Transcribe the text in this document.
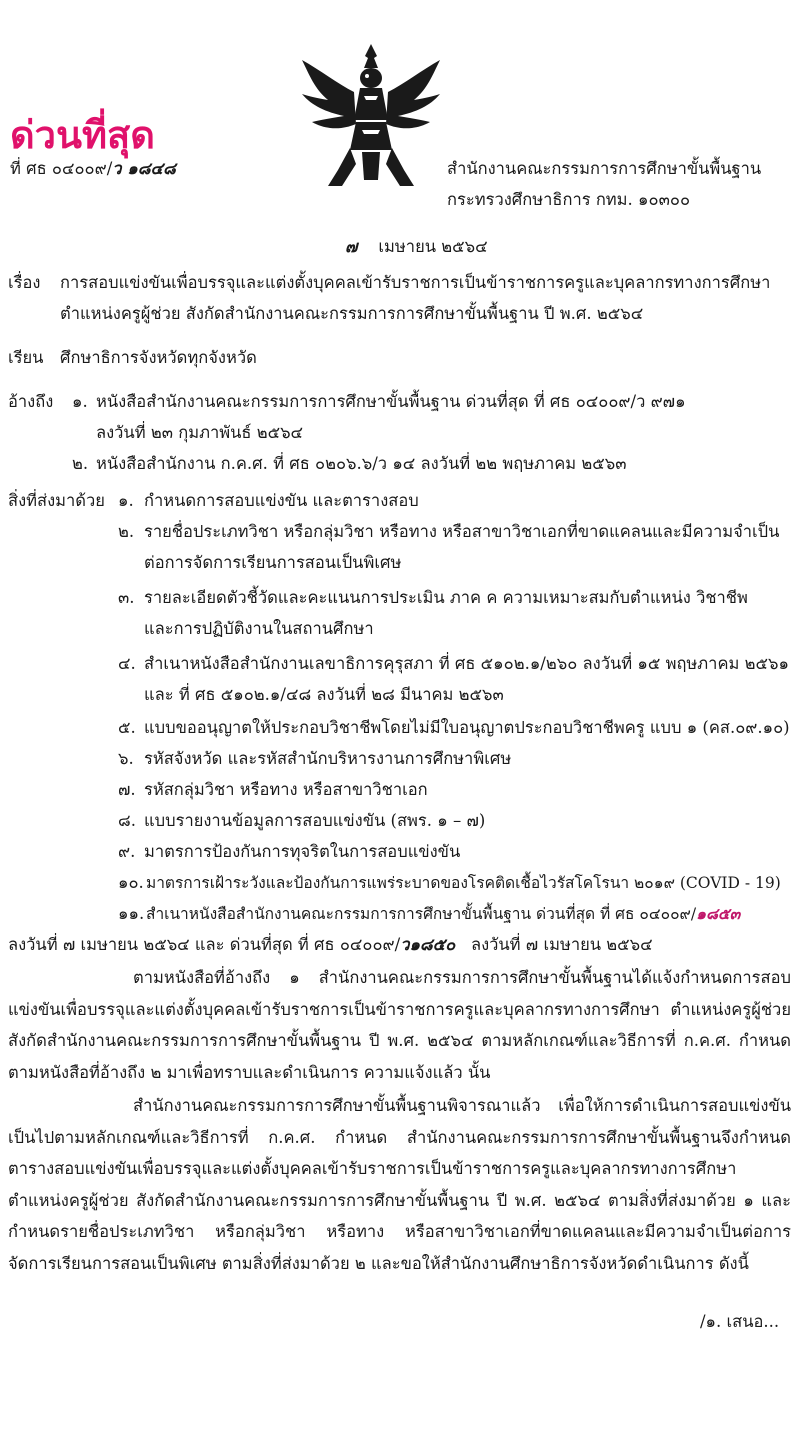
ด่วนที่สุด
ที่ ศธ ๐๔๐๐๙/ว ๑๘๔๘	สำนักงานคณะกรรมการการศึกษาขั้นพื้นฐาน
กระทรวงศึกษาธิการ กทม. ๑๐๓๐๐
๗ เมษายน ๒๕๖๔
เรื่อง การสอบแข่งขันเพื่อบรรจุและแต่งตั้งบุคคลเข้ารับราชการเป็นข้าราชการครูและบุคลากรทางการศึกษา
ตำแหน่งครูผู้ช่วย สังกัดสำนักงานคณะกรรมการการศึกษาขั้นพื้นฐาน ปี พ.ศ. ๒๕๖๔
เรียน ศึกษาธิการจังหวัดทุกจังหวัด
อ้างถึง ๑. หนังสือสำนักงานคณะกรรมการการศึกษาขั้นพื้นฐาน ด่วนที่สุด ที่ ศธ ๐๔๐๐๙/ว ๙๗๑
ลงวันที่ ๒๓ กุมภาพันธ์ ๒๕๖๔
๒. หนังสือสำนักงาน ก.ค.ศ. ที่ ศธ ๐๒๐๖.๖/ว ๑๔ ลงวันที่ ๒๒ พฤษภาคม ๒๕๖๓
สิ่งที่ส่งมาด้วย ๑. กำหนดการสอบแข่งขัน และตารางสอบ
๒. รายชื่อประเภทวิชา หรือกลุ่มวิชา หรือทาง หรือสาขาวิชาเอกที่ขาดแคลนและมีความจำเป็น
ต่อการจัดการเรียนการสอนเป็นพิเศษ
๓. รายละเอียดตัวชี้วัดและคะแนนการประเมิน ภาค ค ความเหมาะสมกับตำแหน่ง วิชาชีพ
และการปฏิบัติงานในสถานศึกษา
๔. สำเนาหนังสือสำนักงานเลขาธิการคุรุสภา ที่ ศธ ๕๑๐๒.๑/๒๖๐ ลงวันที่ ๑๕ พฤษภาคม ๒๕๖๑
และ ที่ ศธ ๕๑๐๒.๑/๔๘ ลงวันที่ ๒๘ มีนาคม ๒๕๖๓
๕. แบบขออนุญาตให้ประกอบวิชาชีพโดยไม่มีใบอนุญาตประกอบวิชาชีพครู แบบ ๑ (คส.๐๙.๑๐)
๖. รหัสจังหวัด และรหัสสำนักบริหารงานการศึกษาพิเศษ
๗. รหัสกลุ่มวิชา หรือทาง หรือสาขาวิชาเอก
๘. แบบรายงานข้อมูลการสอบแข่งขัน (สพร. ๑ – ๗)
๙. มาตรการป้องกันการทุจริตในการสอบแข่งขัน
๑๐. มาตรการเฝ้าระวังและป้องกันการแพร่ระบาดของโรคติดเชื้อไวรัสโคโรนา ๒๐๑๙ (COVID - 19)
๑๑. สำเนาหนังสือสำนักงานคณะกรรมการการศึกษาขั้นพื้นฐาน ด่วนที่สุด ที่ ศธ ๐๔๐๐๙/๑๘๕๓
ลงวันที่ ๗ เมษายน ๒๕๖๔ และ ด่วนที่สุด ที่ ศธ ๐๔๐๐๙/ว๑๘๕๐ ลงวันที่ ๗ เมษายน ๒๕๖๔
ตามหนังสือที่อ้างถึง ๑ สำนักงานคณะกรรมการการศึกษาขั้นพื้นฐานได้แจ้งกำหนดการสอบแข่งขันเพื่อบรรจุและแต่งตั้งบุคคลเข้ารับราชการเป็นข้าราชการครูและบุคลากรทางการศึกษา ตำแหน่งครูผู้ช่วย สังกัดสำนักงานคณะกรรมการการศึกษาขั้นพื้นฐาน ปี พ.ศ. ๒๕๖๔ ตามหลักเกณฑ์และวิธีการที่ ก.ค.ศ. กำหนด ตามหนังสือที่อ้างถึง ๒ มาเพื่อทราบและดำเนินการ ความแจ้งแล้ว นั้น
สำนักงานคณะกรรมการการศึกษาขั้นพื้นฐานพิจารณาแล้ว เพื่อให้การดำเนินการสอบแข่งขันเป็นไปตามหลักเกณฑ์และวิธีการที่ ก.ค.ศ. กำหนด สำนักงานคณะกรรมการการศึกษาขั้นพื้นฐานจึงกำหนดตารางสอบแข่งขันเพื่อบรรจุและแต่งตั้งบุคคลเข้ารับราชการเป็นข้าราชการครูและบุคลากรทางการศึกษา ตำแหน่งครูผู้ช่วย สังกัดสำนักงานคณะกรรมการการศึกษาขั้นพื้นฐาน ปี พ.ศ. ๒๕๖๔ ตามสิ่งที่ส่งมาด้วย ๑ และกำหนดรายชื่อประเภทวิชา หรือกลุ่มวิชา หรือทาง หรือสาขาวิชาเอกที่ขาดแคลนและมีความจำเป็นต่อการจัดการเรียนการสอนเป็นพิเศษ ตามสิ่งที่ส่งมาด้วย ๒ และขอให้สำนักงานศึกษาธิการจังหวัดดำเนินการ ดังนี้
/๑. เสนอ...
